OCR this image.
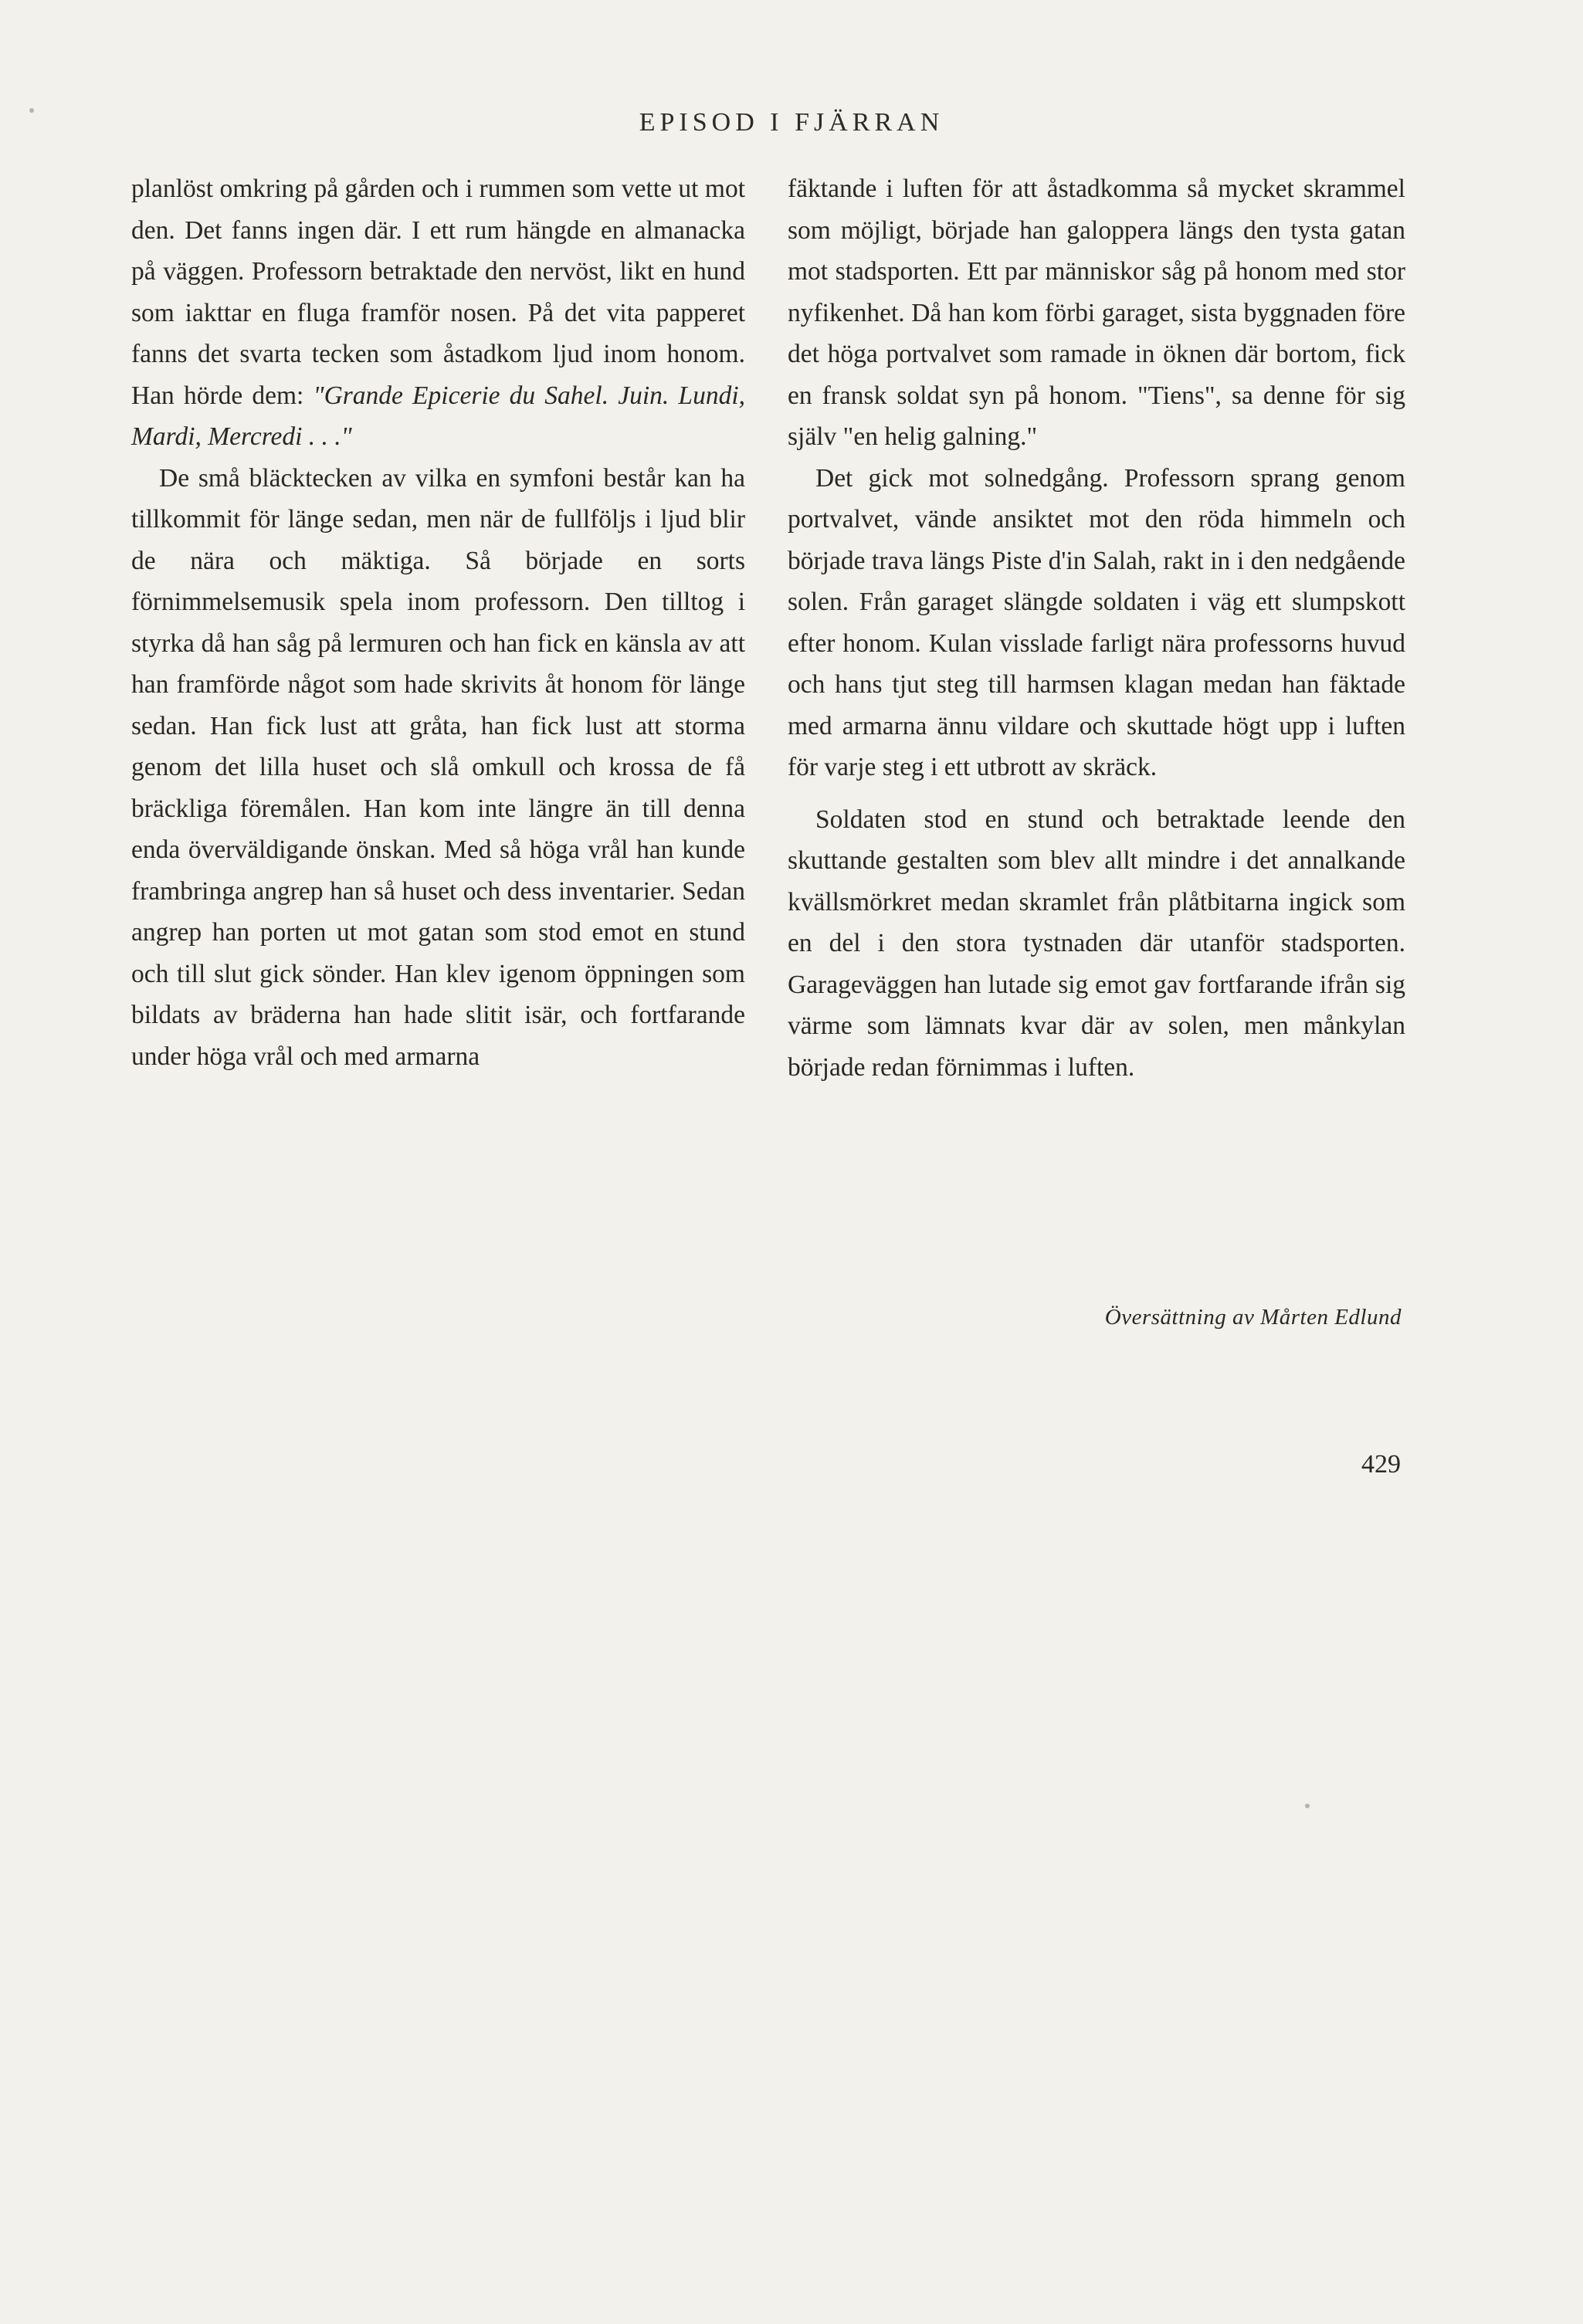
EPISOD I FJÄRRAN

planlöst omkring på gården och i rummen som vette ut mot den. Det fanns ingen där. I ett rum hängde en almanacka på väggen. Professorn betraktade den nervöst, likt en hund som iakttar en fluga framför nosen. På det vita papperet fanns det svarta tecken som åstadkom ljud inom honom. Han hörde dem: "Grande Epicerie du Sahel. Juin. Lundi, Mardi, Mercredi . . ."

De små bläcktecken av vilka en symfoni består kan ha tillkommit för länge sedan, men när de fullföljs i ljud blir de nära och mäktiga. Så började en sorts förnimmelsemusik spela inom professorn. Den tilltog i styrka då han såg på lermuren och han fick en känsla av att han framförde något som hade skrivits åt honom för länge sedan. Han fick lust att gråta, han fick lust att storma genom det lilla huset och slå omkull och krossa de få bräckliga föremålen. Han kom inte längre än till denna enda överväldigande önskan. Med så höga vrål han kunde frambringa angrep han så huset och dess inventarier. Sedan angrep han porten ut mot gatan som stod emot en stund och till slut gick sönder. Han klev igenom öppningen som bildats av bräderna han hade slitit isär, och fortfarande under höga vrål och med armarna

fäktande i luften för att åstadkomma så mycket skrammel som möjligt, började han galoppera längs den tysta gatan mot stadsporten. Ett par människor såg på honom med stor nyfikenhet. Då han kom förbi garaget, sista byggnaden före det höga portvalvet som ramade in öknen där bortom, fick en fransk soldat syn på honom. "Tiens", sa denne för sig själv "en helig galning."

Det gick mot solnedgång. Professorn sprang genom portvalvet, vände ansiktet mot den röda himmeln och började trava längs Piste d'in Salah, rakt in i den nedgående solen. Från garaget slängde soldaten i väg ett slumpskott efter honom. Kulan visslade farligt nära professorns huvud och hans tjut steg till harmsen klagan medan han fäktade med armarna ännu vildare och skuttade högt upp i luften för varje steg i ett utbrott av skräck.

Soldaten stod en stund och betraktade leende den skuttande gestalten som blev allt mindre i det annalkande kvällsmörkret medan skramlet från plåtbitarna ingick som en del i den stora tystnaden där utanför stadsporten. Garageväggen han lutade sig emot gav fortfarande ifrån sig värme som lämnats kvar där av solen, men månkylan började redan förnimmas i luften.

Översättning av Mårten Edlund
429
